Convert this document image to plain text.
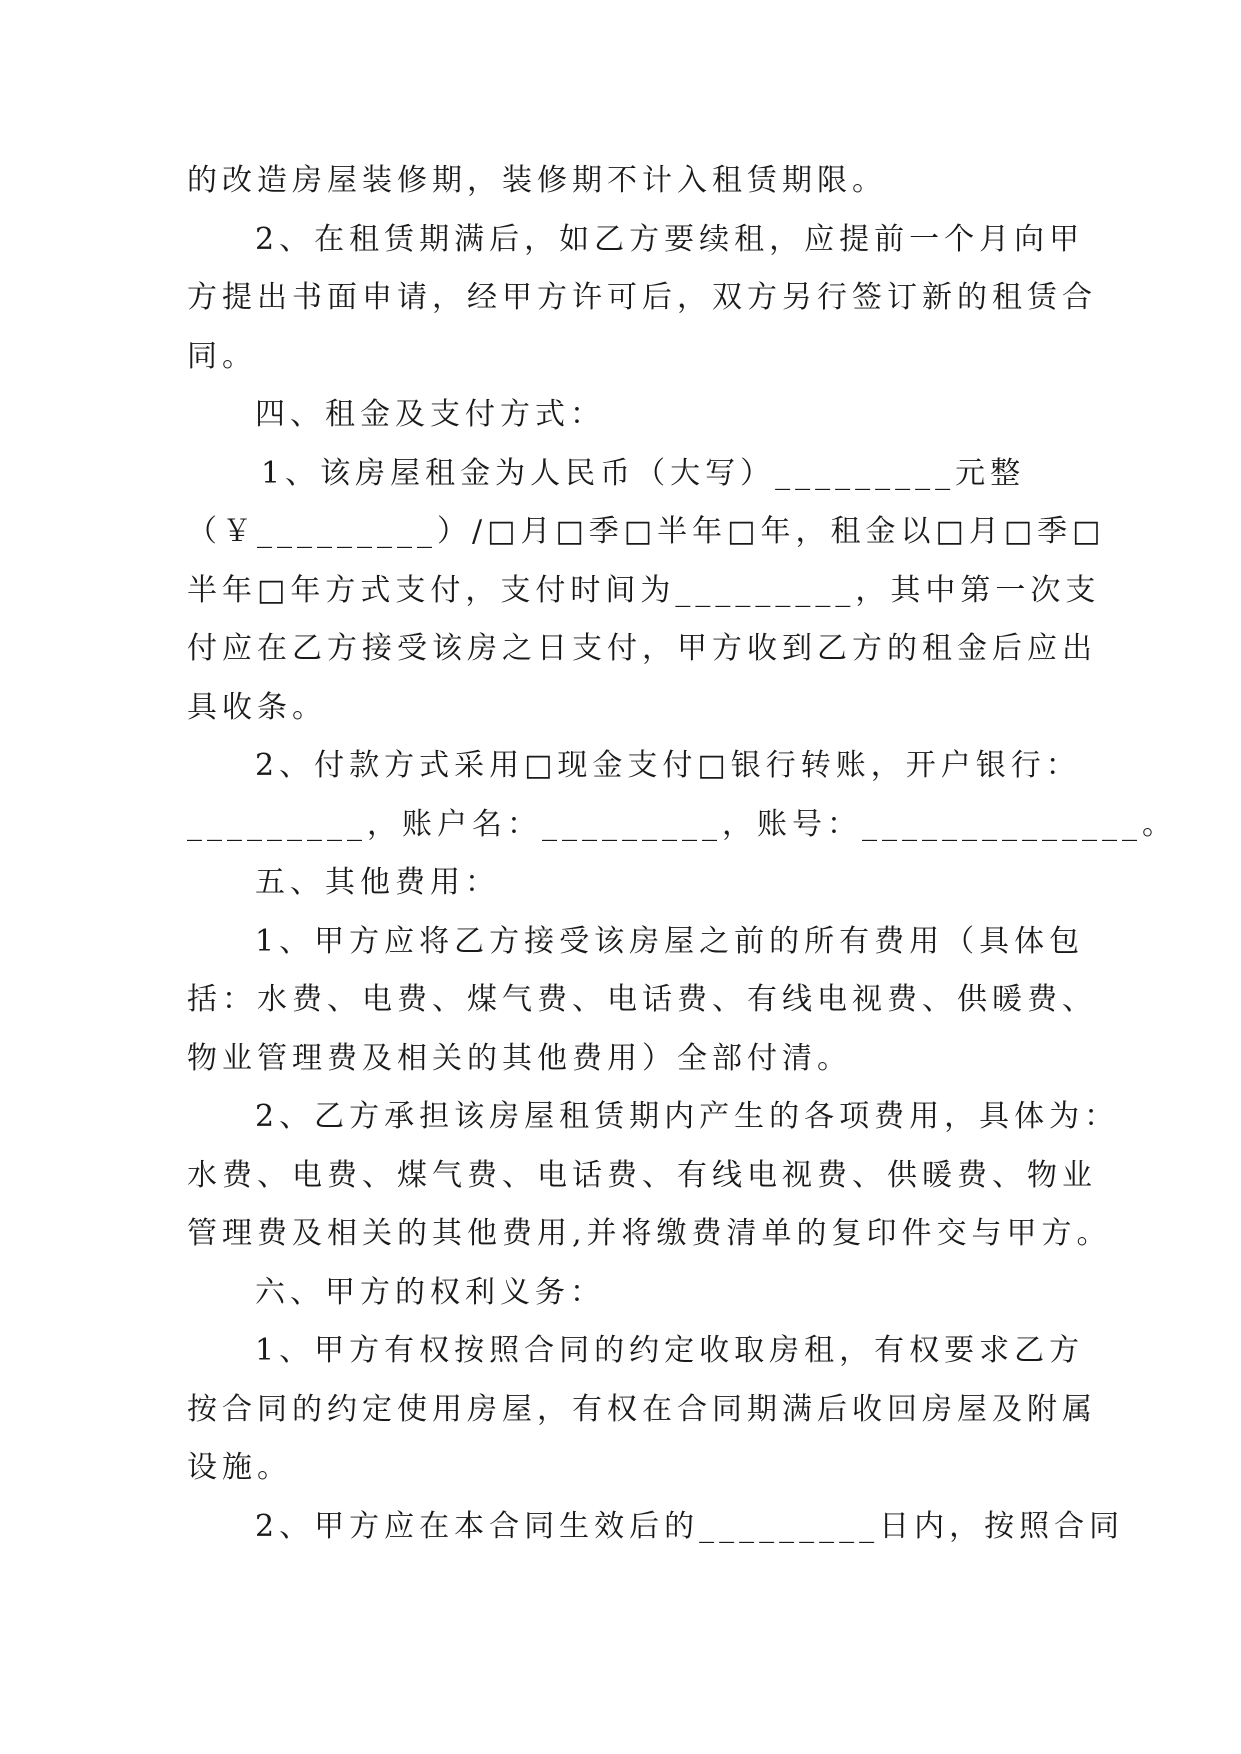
的改造房屋装修期，装修期不计入租赁期限。
2、在租赁期满后，如乙方要续租，应提前一个月向甲
方提出书面申请，经甲方许可后，双方另行签订新的租赁合
同。
四、租金及支付方式：
1、该房屋租金为人民币（大写）_________元整
（￥_________）/□月□季□半年□年，租金以□月□季□
半年□年方式支付，支付时间为_________，其中第一次支
付应在乙方接受该房之日支付，甲方收到乙方的租金后应出
具收条。
2、付款方式采用□现金支付□银行转账，开户银行：
_________，账户名：_________，账号：______________。
五、其他费用：
1、甲方应将乙方接受该房屋之前的所有费用（具体包
括：水费、电费、煤气费、电话费、有线电视费、供暖费、
物业管理费及相关的其他费用）全部付清。
2、乙方承担该房屋租赁期内产生的各项费用，具体为：
水费、电费、煤气费、电话费、有线电视费、供暖费、物业
管理费及相关的其他费用,并将缴费清单的复印件交与甲方。
六、甲方的权利义务：
1、甲方有权按照合同的约定收取房租，有权要求乙方
按合同的约定使用房屋，有权在合同期满后收回房屋及附属
设施。
2、甲方应在本合同生效后的_________日内，按照合同
